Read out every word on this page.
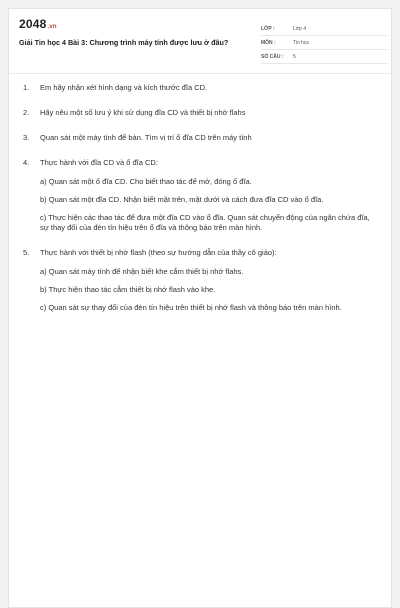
2048.vn
Giải Tin học 4 Bài 3: Chương trình máy tính được lưu ở đâu?
LỚP :	Lớp 4
MÔN :	Tin học
SỐ CÂU :	5
1.	Em hãy nhận xét hình dạng và kích thước đĩa CD.
2.	Hãy nêu một số lưu ý khi sử dụng đĩa CD và thiết bị nhớ flahs
3.	Quan sát một máy tính để bàn. Tìm vị trí ổ đĩa CD trên máy tính
4.	Thực hành với đĩa CD và ổ đĩa CD:
a) Quan sát một ổ đĩa CD. Cho biết thao tác để mở, đóng ổ đĩa.
b) Quan sát một đĩa CD. Nhận biết mặt trên, mặt dưới và cách đưa đĩa CD vào ổ đĩa.
c) Thực hiện các thao tác để đưa một đĩa CD vào ổ đĩa. Quan sát chuyển động của ngăn chứa đĩa, sự thay đổi của đèn tín hiệu trên ổ đĩa và thông báo trên màn hình.
5.	Thực hành với thiết bị nhớ flash (theo sự hướng dẫn của thầy cô giáo):
a) Quan sát máy tính để nhận biết khe cắm thiết bị nhớ flahs.
b) Thực hiện thao tác cắm thiết bị nhớ flash vào khe.
c) Quan sát sự thay đổi của đèn tín hiệu trên thiết bị nhớ flash và thông báo trên màn hình.
